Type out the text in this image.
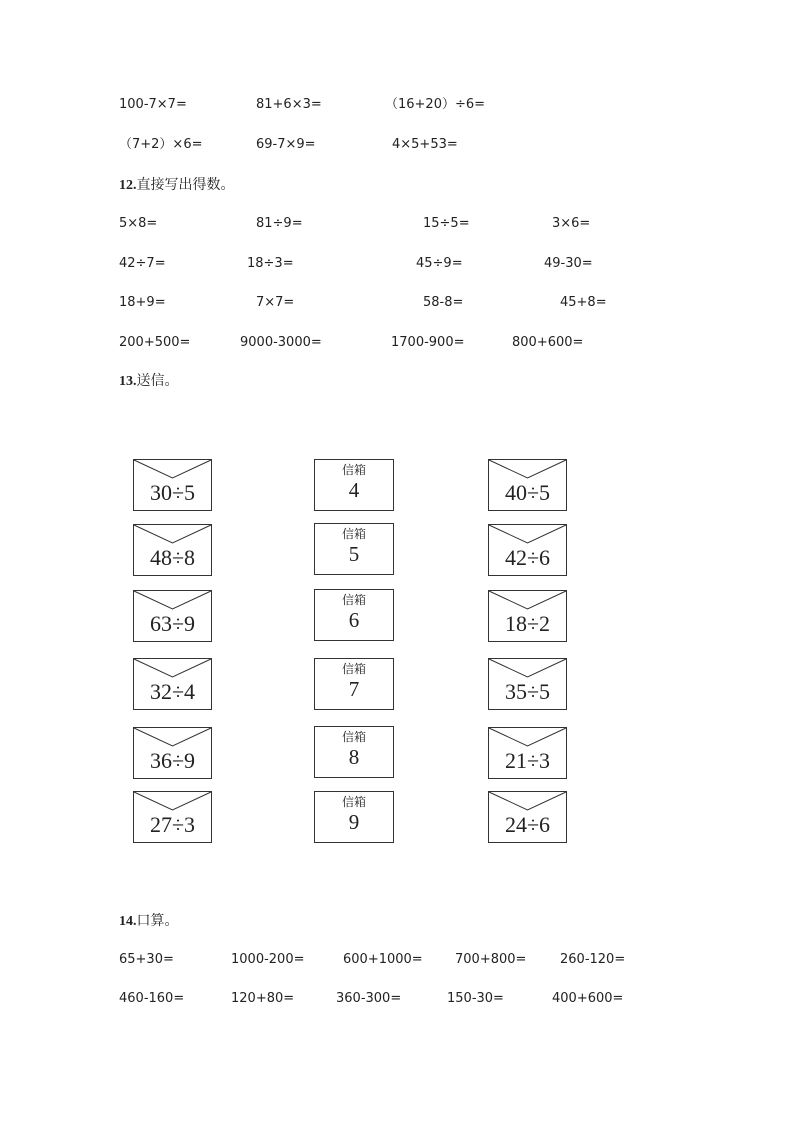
100-7×7=	81+6×3=	（16+20）÷6=
（7+2）×6=	69-7×9=	4×5+53=
12.直接写出得数。
5×8=	81÷9=	15÷5=	3×6=
42÷7=	18÷3=	45÷9=	49-30=
18+9=	7×7=	58-8=	45+8=
200+500=	9000-3000=	1700-900=	800+600=
13.送信。
30÷5
48÷8
63÷9
32÷4
36÷9
27÷3
信箱
4
信箱
5
信箱
6
信箱
7
信箱
8
信箱
9
40÷5
42÷6
18÷2
35÷5
21÷3
24÷6
14.口算。
65+30=	1000-200=	600+1000= 700+800=	260-120=
460-160=	120+80=	360-300=	150-30=	400+600=
